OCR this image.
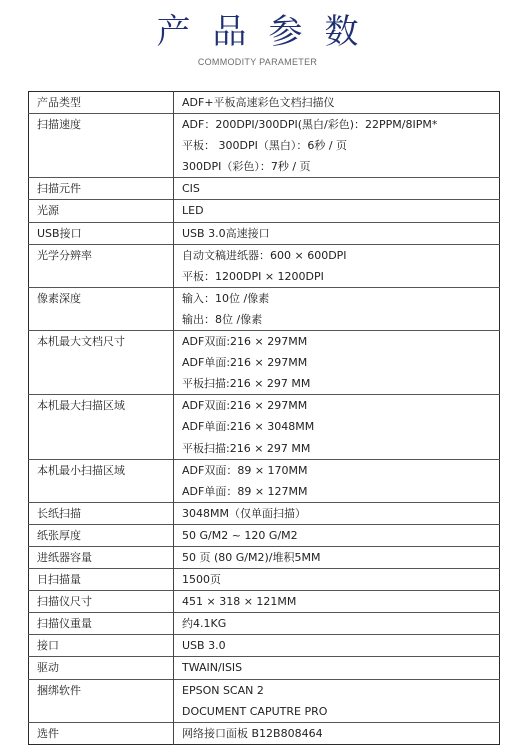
产品参数
COMMODITY PARAMETER
产品类型	ADF+平板高速彩色文档扫描仪

扫描速度	ADF：200DPI/300DPI(黑白/彩色)：22PPM/8IPM*
平板： 300DPI（黑白）：6秒 / 页
300DPI（彩色）：7秒 / 页

扫描元件	CIS

光源	LED

USB接口	USB 3.0高速接口

光学分辨率	自动文稿进纸器：600 × 600DPI
平板：1200DPI × 1200DPI

像素深度	输入：10位 /像素
输出：8位 /像素

本机最大文档尺寸	ADF双面:216 × 297MM
ADF单面:216 × 297MM
平板扫描:216 × 297 MM

本机最大扫描区域	ADF双面:216 × 297MM
ADF单面:216 × 3048MM
平板扫描:216 × 297 MM

本机最小扫描区域	ADF双面：89 × 170MM
ADF单面：89 × 127MM

长纸扫描	3048MM（仅单面扫描）

纸张厚度	50 G/M2 ~ 120 G/M2

进纸器容量	50 页 (80 G/M2)/堆积5MM

日扫描量	1500页

扫描仪尺寸	451 × 318 × 121MM

扫描仪重量	约4.1KG

接口	USB 3.0

驱动	TWAIN/ISIS

捆绑软件	EPSON SCAN 2
DOCUMENT CAPUTRE PRO

选件	网络接口面板 B12B808464
